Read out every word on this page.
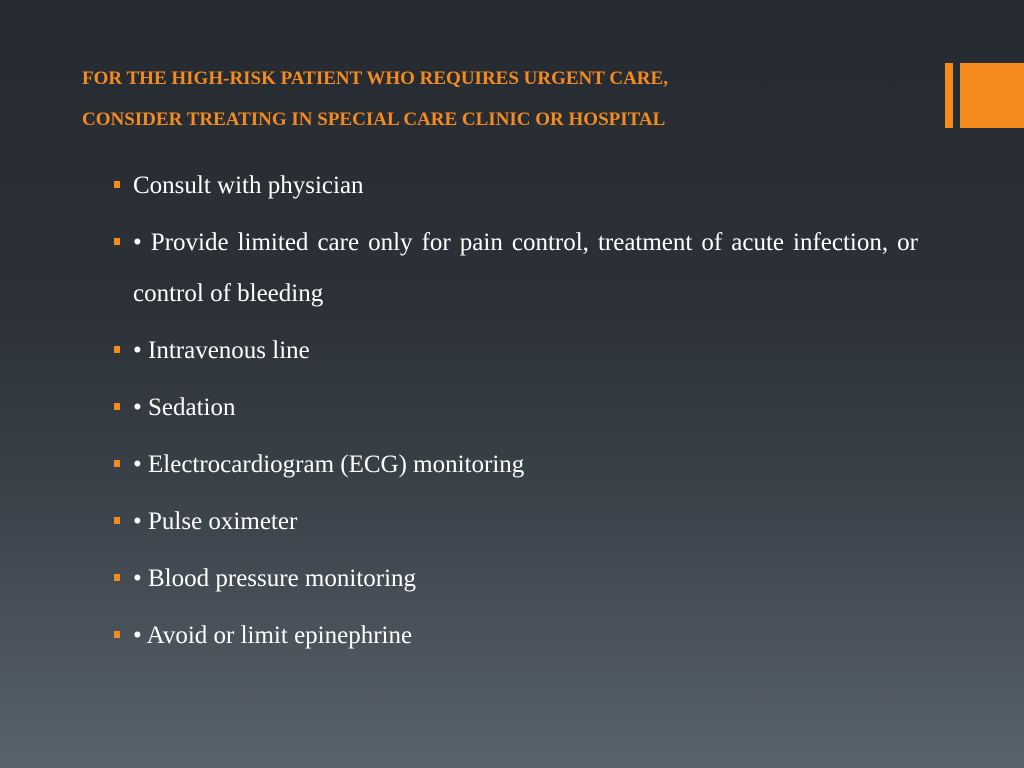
FOR THE HIGH-RISK PATIENT WHO REQUIRES URGENT CARE,
CONSIDER TREATING IN SPECIAL CARE CLINIC OR HOSPITAL
Consult with physician
• Provide limited care only for pain control, treatment of acute infection, or control of bleeding
• Intravenous line
• Sedation
• Electrocardiogram (ECG) monitoring
• Pulse oximeter
• Blood pressure monitoring
• Avoid or limit epinephrine
